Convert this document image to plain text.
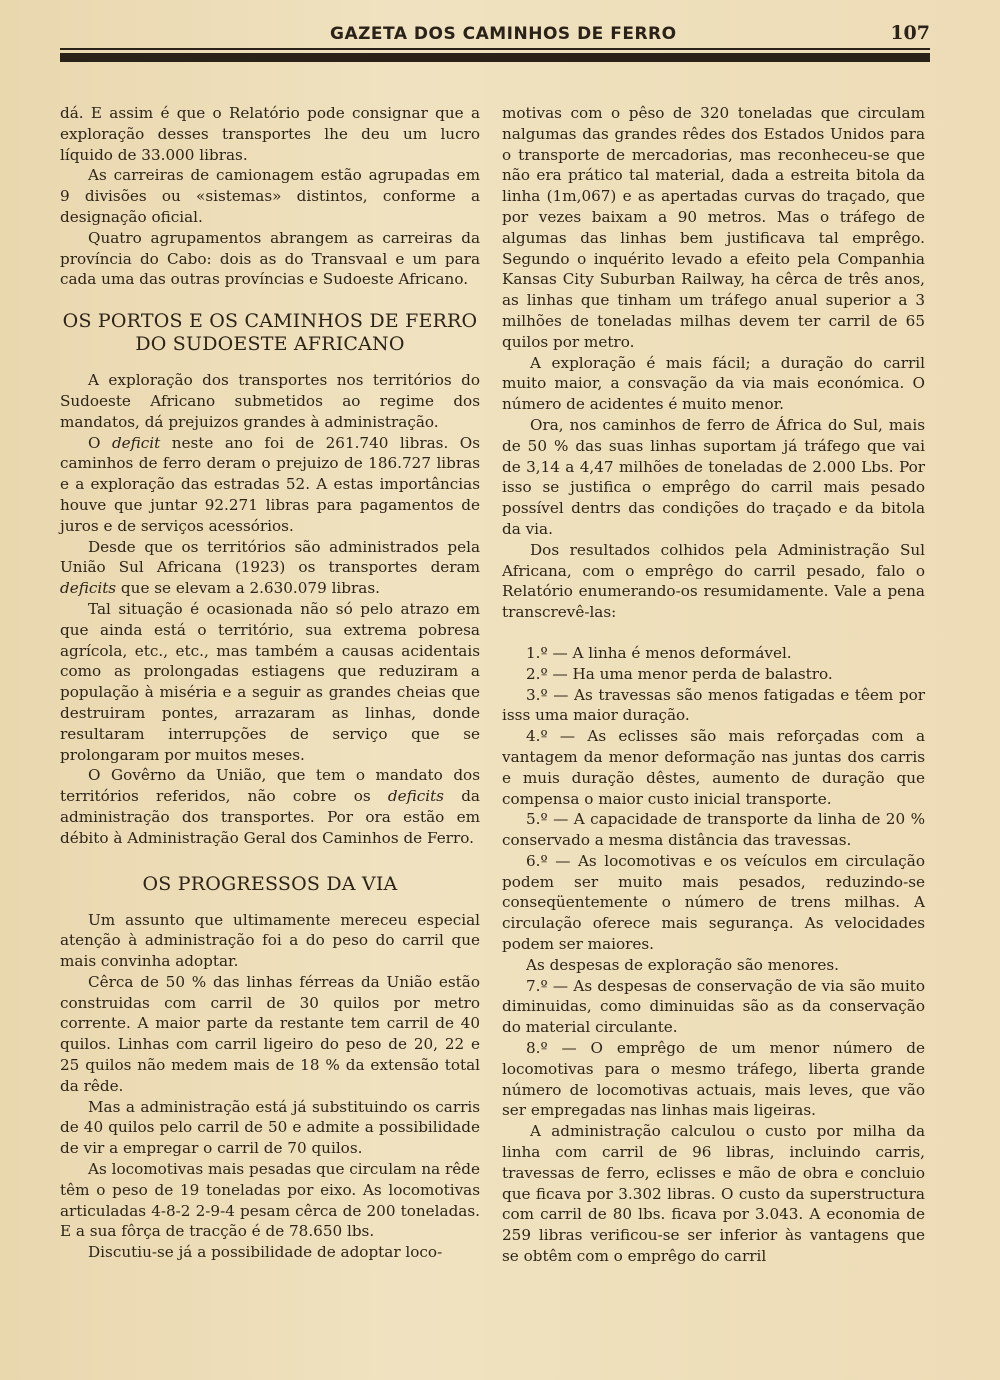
GAZETA DOS CAMINHOS DE FERRO	107

dá. E assim é que o Relatório pode consignar que a exploração desses transportes lhe deu um lucro líquido de 33.000 libras.

As carreiras de camionagem estão agrupadas em 9 divisões ou «sistemas» distintos, conforme a designação oficial.

Quatro agrupamentos abrangem as carreiras da província do Cabo: dois as do Transvaal e um para cada uma das outras províncias e Sudoeste Africano.

OS PORTOS E OS CAMINHOS DE FERRO
DO SUDOESTE AFRICANO

A exploração dos transportes nos territórios do Sudoeste Africano submetidos ao regime dos mandatos, dá prejuizos grandes à administração.

O deficit neste ano foi de 261.740 libras. Os caminhos de ferro deram o prejuizo de 186.727 libras e a exploração das estradas 52. A estas importâncias houve que juntar 92.271 libras para pagamentos de juros e de serviços acessórios.

Desde que os territórios são administrados pela União Sul Africana (1923) os transportes deram deficits que se elevam a 2.630.079 libras.

Tal situação é ocasionada não só pelo atrazo em que ainda está o território, sua extrema pobresa agrícola, etc., etc., mas também a causas acidentais como as prolongadas estiagens que reduziram a população à miséria e a seguir as grandes cheias que destruiram pontes, arrazaram as linhas, donde resultaram interrupções de serviço que se prolongaram por muitos meses.

O Govêrno da União, que tem o mandato dos territórios referidos, não cobre os deficits da administração dos transportes. Por ora estão em débito à Administração Geral dos Caminhos de Ferro.

OS PROGRESSOS DA VIA

Um assunto que ultimamente mereceu especial atenção à administração foi a do peso do carril que mais convinha adoptar.

Cêrca de 50 % das linhas férreas da União estão construidas com carril de 30 quilos por metro corrente. A maior parte da restante tem carril de 40 quilos. Linhas com carril ligeiro do peso de 20, 22 e 25 quilos não medem mais de 18 % da extensão total da rêde.

Mas a administração está já substituindo os carris de 40 quilos pelo carril de 50 e admite a possibilidade de vir a empregar o carril de 70 quilos.

As locomotivas mais pesadas que circulam na rêde têm o peso de 19 toneladas por eixo. As locomotivas articuladas 4-8-2 2-9-4 pesam cêrca de 200 toneladas. E a sua fôrça de tracção é de 78.650 lbs.

Discutiu-se já a possibilidade de adoptar loco-

motivas com o pêso de 320 toneladas que circulam nalgumas das grandes rêdes dos Estados Unidos para o transporte de mercadorias, mas reconheceu-se que não era prático tal material, dada a estreita bitola da linha (1m,067) e as apertadas curvas do traçado, que por vezes baixam a 90 metros. Mas o tráfego de algumas das linhas bem justificava tal emprêgo. Segundo o inquérito levado a efeito pela Companhia Kansas City Suburban Railway, ha cêrca de três anos, as linhas que tinham um tráfego anual superior a 3 milhões de toneladas milhas devem ter carril de 65 quilos por metro.

A exploração é mais fácil; a duração do carril muito maior, a consvação da via mais económica. O número de acidentes é muito menor.

Ora, nos caminhos de ferro de África do Sul, mais de 50 % das suas linhas suportam já tráfego que vai de 3,14 a 4,47 milhões de toneladas de 2.000 Lbs. Por isso se justifica o emprêgo do carril mais pesado possível dentrs das condições do traçado e da bitola da via.

Dos resultados colhidos pela Administração Sul Africana, com o emprêgo do carril pesado, falo o Relatório enumerando-os resumidamente. Vale a pena transcrevê-las:

1.º — A linha é menos deformável.

2.º — Ha uma menor perda de balastro.

3.º — As travessas são menos fatigadas e têem por isss uma maior duração.

4.º — As eclisses são mais reforçadas com a vantagem da menor deformação nas juntas dos carris e muis duração dêstes, aumento de duração que compensa o maior custo inicial transporte.

5.º — A capacidade de transporte da linha de 20 % conservado a mesma distância das travessas.

6.º — As locomotivas e os veículos em circulação podem ser muito mais pesados, reduzindo-se conseqüentemente o número de trens milhas. A circulação oferece mais segurança. As velocidades podem ser maiores.

As despesas de exploração são menores.

7.º — As despesas de conservação de via são muito diminuidas, como diminuidas são as da conservação do material circulante.

8.º — O emprêgo de um menor número de locomotivas para o mesmo tráfego, liberta grande número de locomotivas actuais, mais leves, que vão ser empregadas nas linhas mais ligeiras.

A administração calculou o custo por milha da linha com carril de 96 libras, incluindo carris, travessas de ferro, eclisses e mão de obra e concluio que ficava por 3.302 libras. O custo da superstructura com carril de 80 lbs. ficava por 3.043. A economia de 259 libras verificou-se ser inferior às vantagens que se obtêm com o emprêgo do carril
